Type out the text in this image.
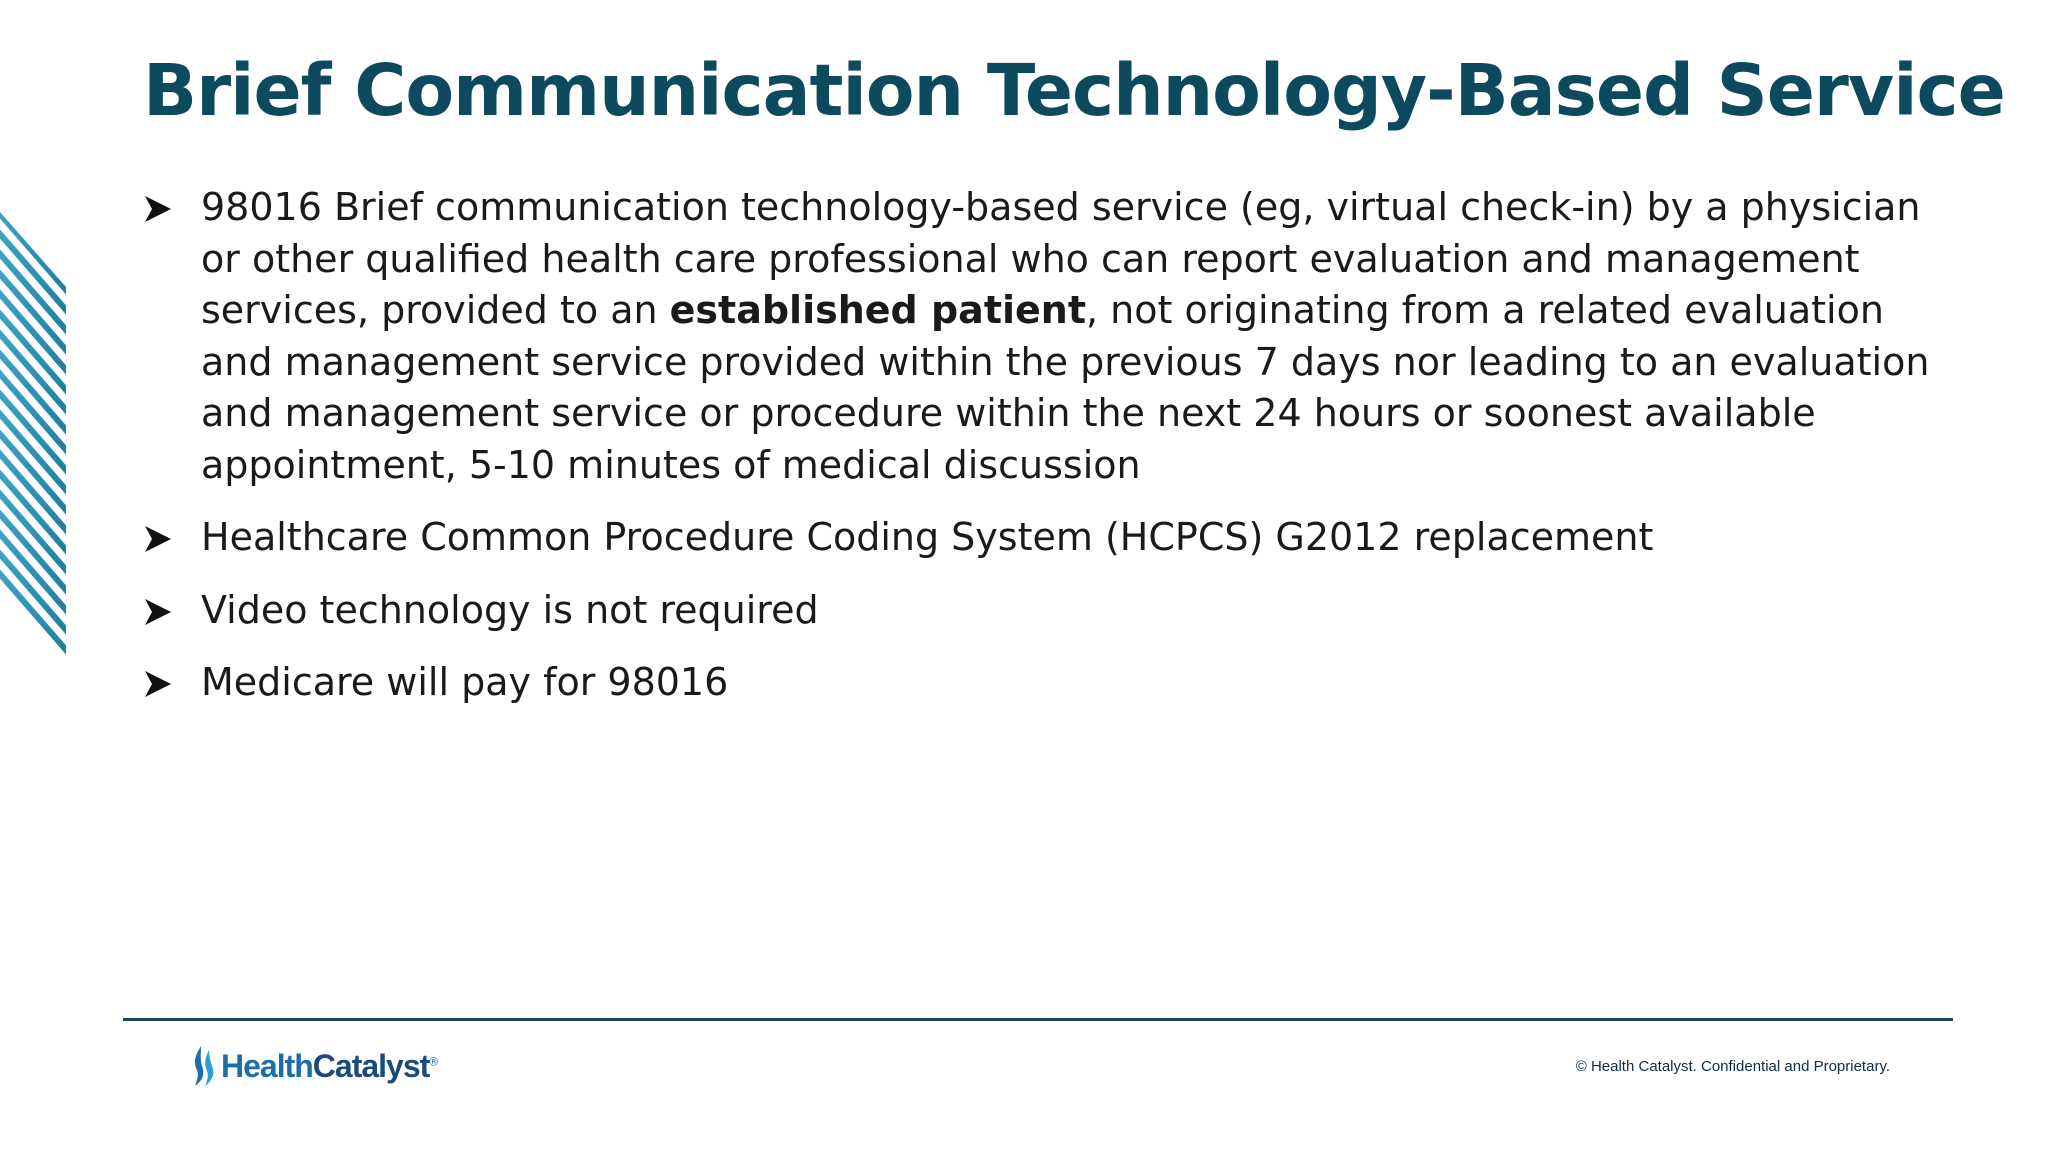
Brief Communication Technology-Based Service
98016 Brief communication technology-based service (eg, virtual check-in) by a physician or other qualified health care professional who can report evaluation and management services, provided to an established patient, not originating from a related evaluation and management service provided within the previous 7 days nor leading to an evaluation and management service or procedure within the next 24 hours or soonest available appointment, 5-10 minutes of medical discussion
Healthcare Common Procedure Coding System (HCPCS) G2012 replacement
Video technology is not required
Medicare will pay for 98016
HealthCatalyst®	© Health Catalyst. Confidential and Proprietary.
